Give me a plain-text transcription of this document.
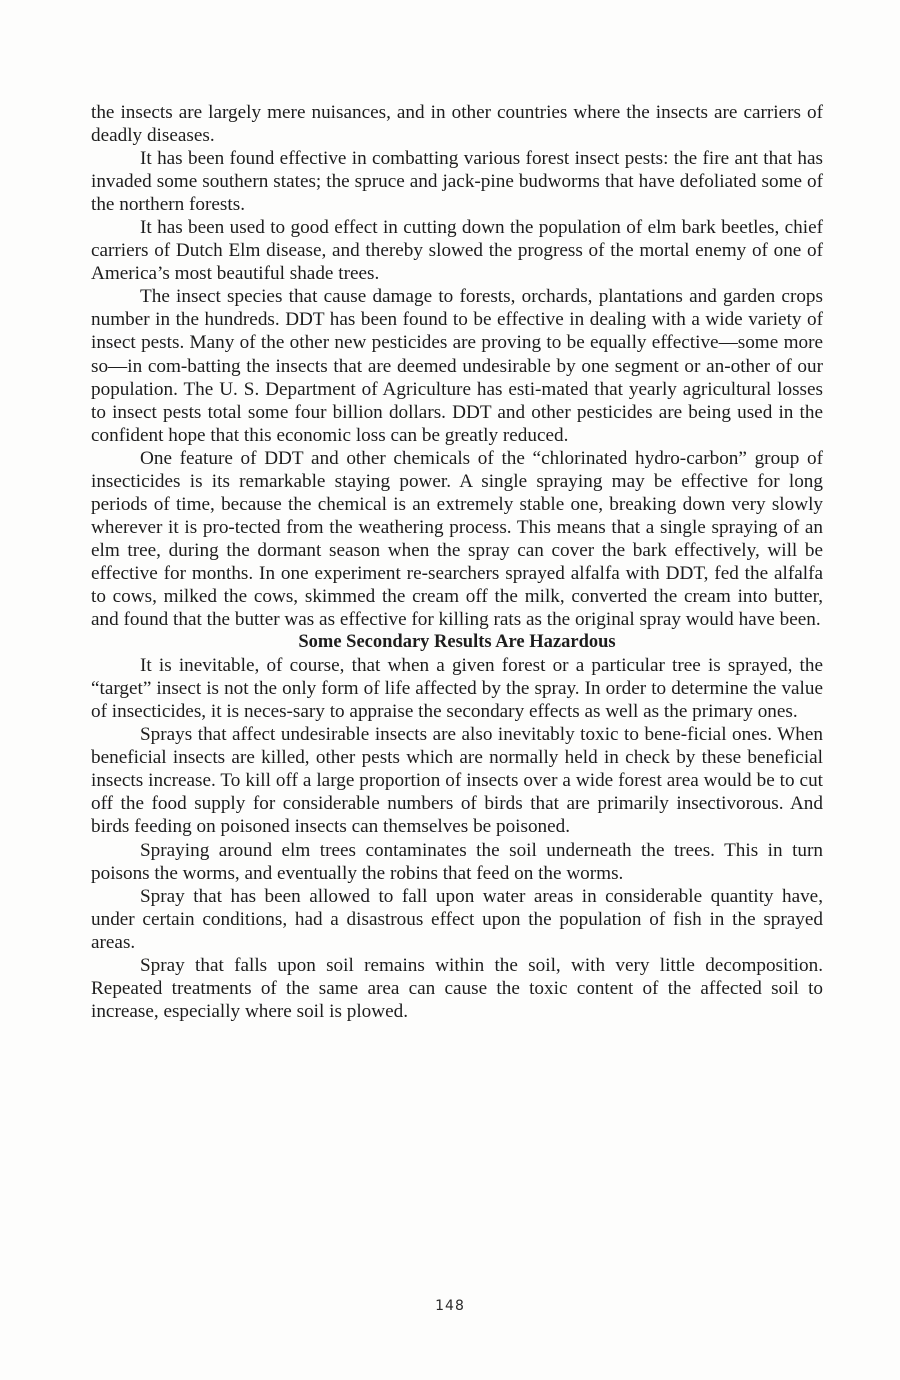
the insects are largely mere nuisances, and in other countries where the insects are carriers of deadly diseases.

It has been found effective in combatting various forest insect pests: the fire ant that has invaded some southern states; the spruce and jack-pine budworms that have defoliated some of the northern forests.

It has been used to good effect in cutting down the population of elm bark beetles, chief carriers of Dutch Elm disease, and thereby slowed the progress of the mortal enemy of one of America’s most beautiful shade trees.

The insect species that cause damage to forests, orchards, plantations and garden crops number in the hundreds. DDT has been found to be effective in dealing with a wide variety of insect pests. Many of the other new pesticides are proving to be equally effective—some more so—in com-batting the insects that are deemed undesirable by one segment or an-other of our population. The U. S. Department of Agriculture has esti-mated that yearly agricultural losses to insect pests total some four billion dollars. DDT and other pesticides are being used in the confident hope that this economic loss can be greatly reduced.

One feature of DDT and other chemicals of the “chlorinated hydro-carbon” group of insecticides is its remarkable staying power. A single spraying may be effective for long periods of time, because the chemical is an extremely stable one, breaking down very slowly wherever it is pro-tected from the weathering process. This means that a single spraying of an elm tree, during the dormant season when the spray can cover the bark effectively, will be effective for months. In one experiment re-searchers sprayed alfalfa with DDT, fed the alfalfa to cows, milked the cows, skimmed the cream off the milk, converted the cream into butter, and found that the butter was as effective for killing rats as the original spray would have been.

Some Secondary Results Are Hazardous

It is inevitable, of course, that when a given forest or a particular tree is sprayed, the “target” insect is not the only form of life affected by the spray. In order to determine the value of insecticides, it is neces-sary to appraise the secondary effects as well as the primary ones.

Sprays that affect undesirable insects are also inevitably toxic to bene-ficial ones. When beneficial insects are killed, other pests which are normally held in check by these beneficial insects increase. To kill off a large proportion of insects over a wide forest area would be to cut off the food supply for considerable numbers of birds that are primarily insectivorous. And birds feeding on poisoned insects can themselves be poisoned.

Spraying around elm trees contaminates the soil underneath the trees. This in turn poisons the worms, and eventually the robins that feed on the worms.

Spray that has been allowed to fall upon water areas in considerable quantity have, under certain conditions, had a disastrous effect upon the population of fish in the sprayed areas.

Spray that falls upon soil remains within the soil, with very little decomposition. Repeated treatments of the same area can cause the toxic content of the affected soil to increase, especially where soil is plowed.

148
